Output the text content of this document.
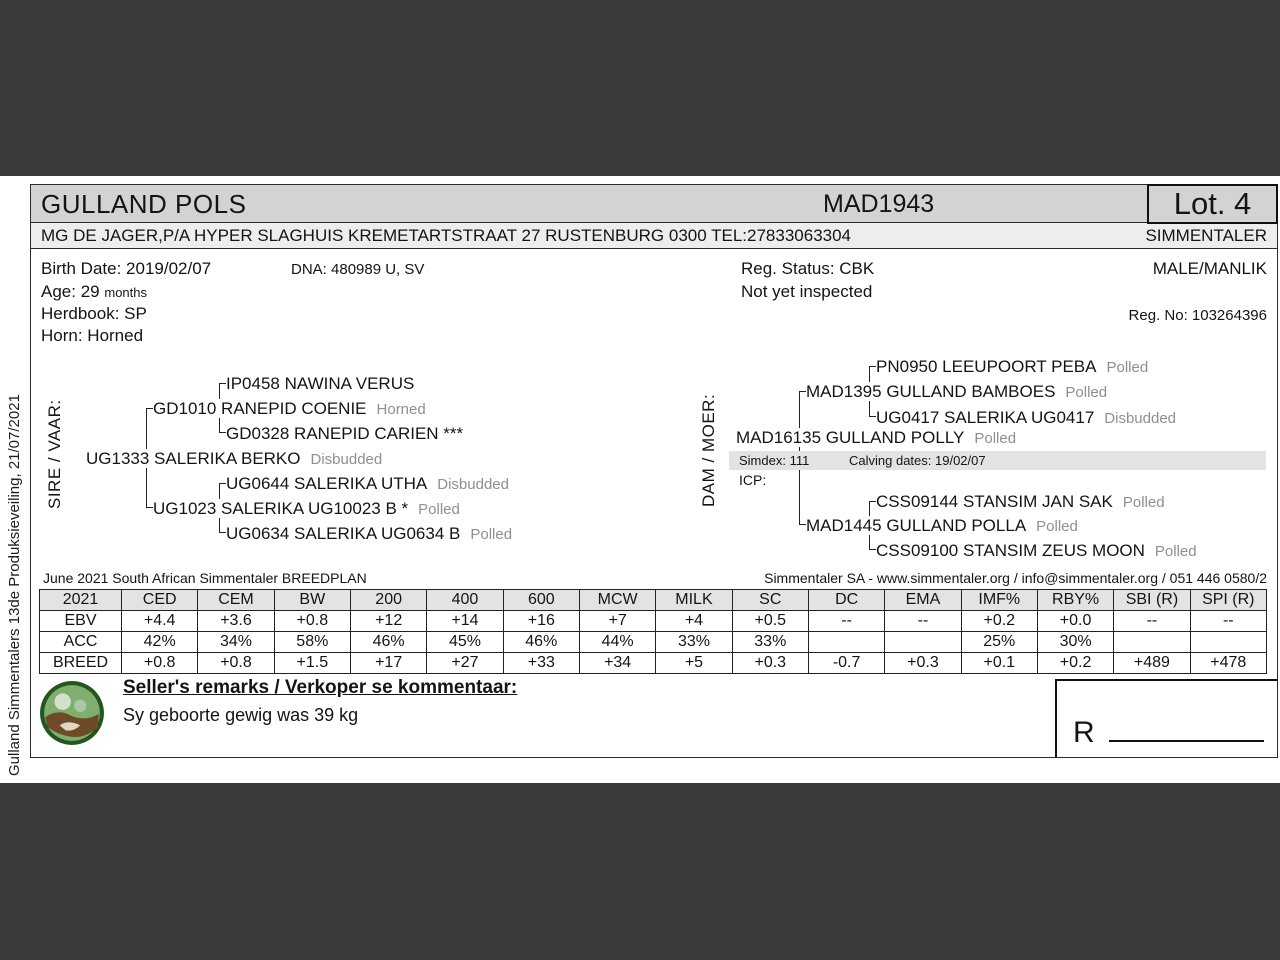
Gulland Simmentalers 13de Produksieveiling, 21/07/2021
GULLAND POLS	MAD1943	Lot. 4
MG DE JAGER,P/A HYPER SLAGHUIS KREMETARTSTRAAT 27 RUSTENBURG 0300 TEL:27833063304	SIMMENTALER
Birth Date: 2019/02/07	DNA: 480989 U, SV	Reg. Status: CBK	MALE/MANLIK
Age: 29 months	Not yet inspected
Herdbook: SP	Reg. No: 103264396
Horn: Horned
SIRE / VAAR:	DAM / MOER:
IP0458 NAWINA VERUS
GD1010 RANEPID COENIE Horned
GD0328 RANEPID CARIEN ***
UG1333 SALERIKA BERKO Disbudded
UG0644 SALERIKA UTHA Disbudded
UG1023 SALERIKA UG10023 B * Polled
UG0634 SALERIKA UG0634 B Polled
PN0950 LEEUPOORT PEBA Polled
MAD1395 GULLAND BAMBOES Polled
UG0417 SALERIKA UG0417 Disbudded
MAD16135 GULLAND POLLY Polled
Simdex: 111	Calving dates: 19/02/07
ICP:
CSS09144 STANSIM JAN SAK Polled
MAD1445 GULLAND POLLA Polled
CSS09100 STANSIM ZEUS MOON Polled
June 2021 South African Simmentaler BREEDPLAN	Simmentaler SA - www.simmentaler.org / info@simmentaler.org / 051 446 0580/2
2021	CED	CEM	BW	200	400	600	MCW	MILK	SC	DC	EMA	IMF%	RBY%	SBI (R)	SPI (R)
EBV	+4.4	+3.6	+0.8	+12	+14	+16	+7	+4	+0.5	--	--	+0.2	+0.0	--	--
ACC	42%	34%	58%	46%	45%	46%	44%	33%	33%			25%	30%		
BREED	+0.8	+0.8	+1.5	+17	+27	+33	+34	+5	+0.3	-0.7	+0.3	+0.1	+0.2	+489	+478
Seller's remarks / Verkoper se kommentaar:
Sy geboorte gewig was 39 kg
R
